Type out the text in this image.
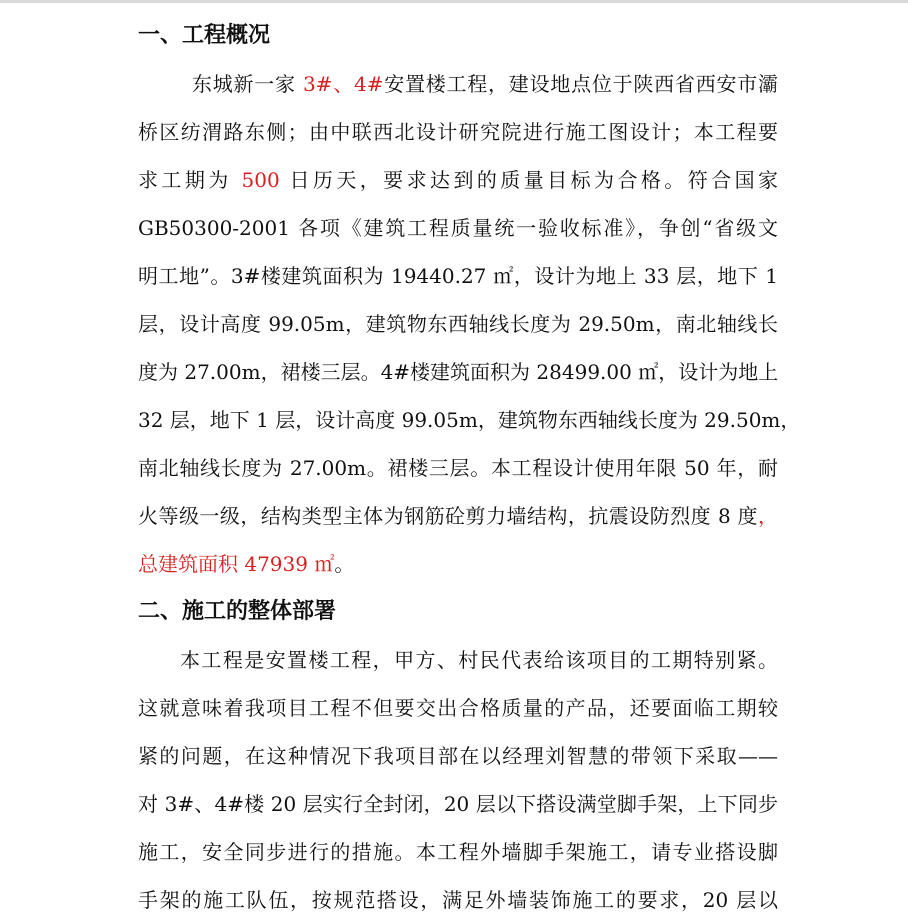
一、工程概况
东城新一家 3#、4#安置楼工程，建设地点位于陕西省西安市灞
桥区纺渭路东侧；由中联西北设计研究院进行施工图设计；本工程要
求工期为 500 日历天，要求达到的质量目标为合格。符合国家
GB50300-2001 各项《建筑工程质量统一验收标准》，争创“省级文
明工地”。3#楼建筑面积为 19440.27 ㎡，设计为地上 33 层，地下 1
层，设计高度 99.05m，建筑物东西轴线长度为 29.50m，南北轴线长
度为 27.00m，裙楼三层。4#楼建筑面积为 28499.00 ㎡，设计为地上
32 层，地下 1 层，设计高度 99.05m，建筑物东西轴线长度为 29.50m，
南北轴线长度为 27.00m。裙楼三层。本工程设计使用年限 50 年，耐
火等级一级，结构类型主体为钢筋砼剪力墙结构，抗震设防烈度 8 度，
总建筑面积 47939 ㎡。
二、施工的整体部署
本工程是安置楼工程，甲方、村民代表给该项目的工期特别紧。
这就意味着我项目工程不但要交出合格质量的产品，还要面临工期较
紧的问题，在这种情况下我项目部在以经理刘智慧的带领下采取——
对 3#、4#楼 20 层实行全封闭，20 层以下搭设满堂脚手架，上下同步
施工，安全同步进行的措施。本工程外墙脚手架施工，请专业搭设脚
手架的施工队伍，按规范搭设，满足外墙装饰施工的要求，20 层以
